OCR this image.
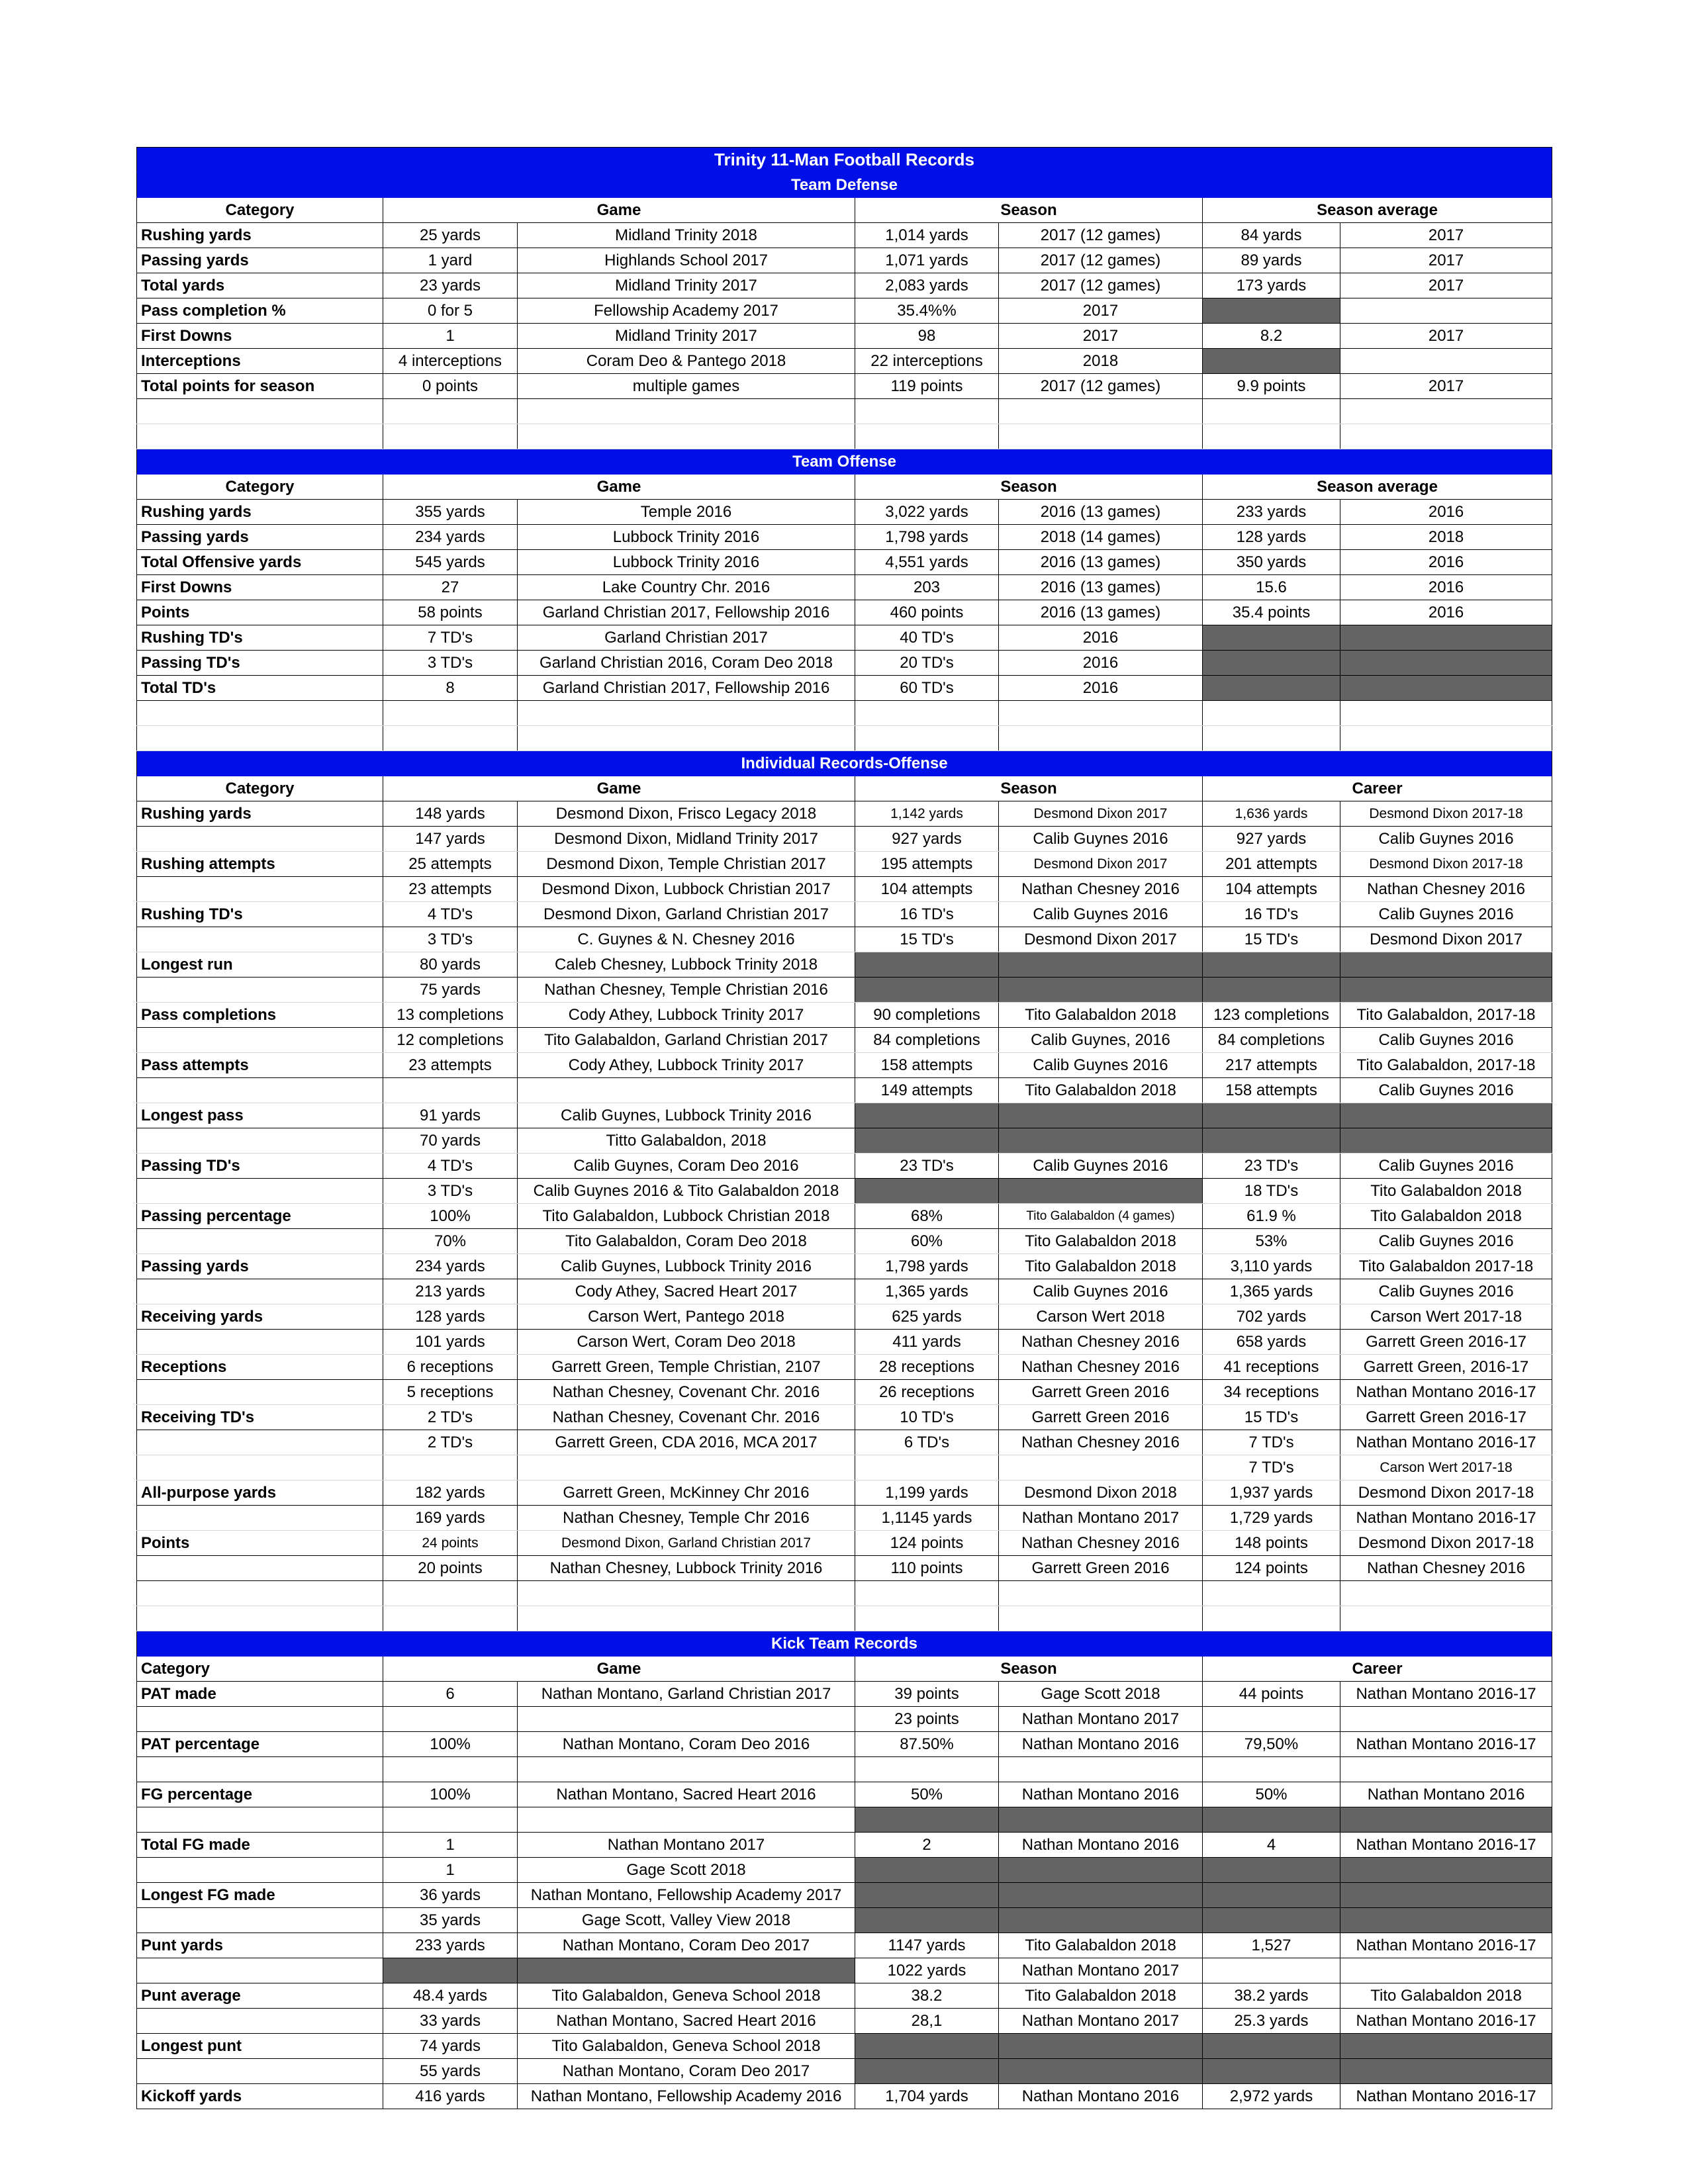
Trinity 11-Man Football Records						
Team Defense						
Category	Game		Season		Season average	
Rushing yards	25 yards	Midland Trinity 2018	1,014 yards	2017 (12 games)	84 yards	2017
Passing yards	1 yard	Highlands School 2017	1,071 yards	2017 (12 games)	89 yards	2017
Total yards	23 yards	Midland Trinity 2017	2,083 yards	2017 (12 games)	173 yards	2017
Pass completion %	0 for 5	Fellowship Academy 2017	35.4%%	2017		
First Downs	1	Midland Trinity 2017	98	2017	8.2	2017
Interceptions	4 interceptions	Coram Deo & Pantego 2018	22 interceptions	2018		
Total points for season	0 points	multiple games	119 points	2017 (12 games)	9.9 points	2017

Team Offense						
Category	Game		Season		Season average	
Rushing yards	355 yards	Temple 2016	3,022 yards	2016 (13 games)	233 yards	2016
Passing yards	234 yards	Lubbock Trinity 2016	1,798 yards	2018 (14 games)	128 yards	2018
Total Offensive yards	545 yards	Lubbock Trinity 2016	4,551 yards	2016 (13 games)	350 yards	2016
First Downs	27	Lake Country Chr. 2016	203	2016 (13 games)	15.6	2016
Points	58 points	Garland Christian 2017, Fellowship 2016	460 points	2016 (13 games)	35.4 points	2016
Rushing TD's	7 TD's	Garland Christian 2017	40 TD's	2016		
Passing TD's	3 TD's	Garland Christian 2016, Coram Deo 2018	20 TD's	2016		
Total TD's	8	Garland Christian 2017, Fellowship 2016	60 TD's	2016		

Individual Records-Offense						
Category	Game		Season		Career	
Rushing yards	148 yards	Desmond Dixon, Frisco Legacy 2018	1,142 yards	Desmond Dixon 2017	1,636 yards	Desmond Dixon 2017-18
	147 yards	Desmond Dixon, Midland Trinity 2017	927 yards	Calib Guynes 2016	927 yards	Calib Guynes 2016
Rushing attempts	25 attempts	Desmond Dixon, Temple Christian 2017	195 attempts	Desmond Dixon 2017	201 attempts	Desmond Dixon 2017-18
	23 attempts	Desmond Dixon, Lubbock Christian 2017	104 attempts	Nathan Chesney 2016	104 attempts	Nathan Chesney 2016
Rushing TD's	4 TD's	Desmond Dixon, Garland Christian 2017	16 TD's	Calib Guynes 2016	16 TD's	Calib Guynes 2016
	3 TD's	C. Guynes & N. Chesney 2016	15 TD's	Desmond Dixon 2017	15 TD's	Desmond Dixon 2017
Longest run	80 yards	Caleb Chesney, Lubbock Trinity 2018				
	75 yards	Nathan Chesney, Temple Christian 2016				
Pass completions	13 completions	Cody Athey, Lubbock Trinity 2017	90 completions	Tito Galabaldon 2018	123 completions	Tito Galabaldon, 2017-18
	12 completions	Tito Galabaldon, Garland Christian 2017	84 completions	Calib Guynes, 2016	84 completions	Calib Guynes 2016
Pass attempts	23 attempts	Cody Athey, Lubbock Trinity 2017	158 attempts	Calib Guynes 2016	217 attempts	Tito Galabaldon, 2017-18
			149 attempts	Tito Galabaldon 2018	158 attempts	Calib Guynes 2016
Longest pass	91 yards	Calib Guynes, Lubbock Trinity 2016				
	70 yards	Titto Galabaldon, 2018				
Passing TD's	4 TD's	Calib Guynes, Coram Deo 2016	23 TD's	Calib Guynes 2016	23 TD's	Calib Guynes 2016
	3 TD's	Calib Guynes 2016 & Tito Galabaldon 2018			18 TD's	Tito Galabaldon 2018
Passing percentage	100%	Tito Galabaldon, Lubbock Christian 2018	68%	Tito Galabaldon (4 games)	61.9 %	Tito Galabaldon 2018
	70%	Tito Galabaldon, Coram Deo 2018	60%	Tito Galabaldon 2018	53%	Calib Guynes 2016
Passing yards	234 yards	Calib Guynes, Lubbock Trinity 2016	1,798 yards	Tito Galabaldon 2018	3,110 yards	Tito Galabaldon 2017-18
	213 yards	Cody Athey, Sacred Heart 2017	1,365 yards	Calib Guynes 2016	1,365 yards	Calib Guynes 2016
Receiving yards	128 yards	Carson Wert, Pantego 2018	625 yards	Carson Wert 2018	702 yards	Carson Wert 2017-18
	101 yards	Carson Wert, Coram Deo 2018	411 yards	Nathan Chesney 2016	658 yards	Garrett Green 2016-17
Receptions	6 receptions	Garrett Green, Temple Christian, 2107	28 receptions	Nathan Chesney 2016	41 receptions	Garrett Green, 2016-17
	5 receptions	Nathan Chesney, Covenant Chr. 2016	26 receptions	Garrett Green 2016	34 receptions	Nathan Montano 2016-17
Receiving TD's	2 TD's	Nathan Chesney, Covenant Chr. 2016	10 TD's	Garrett Green 2016	15 TD's	Garrett Green 2016-17
	2 TD's	Garrett Green, CDA 2016, MCA 2017	6 TD's	Nathan Chesney 2016	7 TD's	Nathan Montano 2016-17
					7 TD's	Carson Wert 2017-18
All-purpose yards	182 yards	Garrett Green, McKinney Chr 2016	1,199 yards	Desmond Dixon 2018	1,937 yards	Desmond Dixon 2017-18
	169 yards	Nathan Chesney, Temple Chr 2016	1,1145 yards	Nathan Montano 2017	1,729 yards	Nathan Montano 2016-17
Points	24 points	Desmond Dixon, Garland Christian 2017	124 points	Nathan Chesney 2016	148 points	Desmond Dixon 2017-18
	20 points	Nathan Chesney, Lubbock Trinity 2016	110 points	Garrett Green 2016	124 points	Nathan Chesney 2016

Kick Team Records						
Category	Game		Season		Career	
PAT made	6	Nathan Montano, Garland Christian 2017	39 points	Gage Scott 2018	44 points	Nathan Montano 2016-17
			23 points	Nathan Montano 2017		
PAT percentage	100%	Nathan Montano, Coram Deo 2016	87.50%	Nathan Montano 2016	79,50%	Nathan Montano 2016-17

FG percentage	100%	Nathan Montano, Sacred Heart 2016	50%	Nathan Montano 2016	50%	Nathan Montano 2016

Total FG made	1	Nathan Montano 2017	2	Nathan Montano 2016	4	Nathan Montano 2016-17
	1	Gage Scott 2018				
Longest FG made	36 yards	Nathan Montano, Fellowship Academy 2017				
	35 yards	Gage Scott, Valley View 2018				
Punt yards	233 yards	Nathan Montano, Coram Deo 2017	1147 yards	Tito Galabaldon 2018	1,527	Nathan Montano 2016-17
			1022 yards	Nathan Montano 2017		
Punt average	48.4 yards	Tito Galabaldon, Geneva School 2018	38.2	Tito Galabaldon 2018	38.2 yards	Tito Galabaldon 2018
	33 yards	Nathan Montano, Sacred Heart 2016	28,1	Nathan Montano 2017	25.3 yards	Nathan Montano 2016-17
Longest punt	74 yards	Tito Galabaldon, Geneva School 2018				
	55 yards	Nathan Montano, Coram Deo 2017				
Kickoff yards	416 yards	Nathan Montano, Fellowship Academy 2016	1,704 yards	Nathan Montano 2016	2,972 yards	Nathan Montano 2016-17
